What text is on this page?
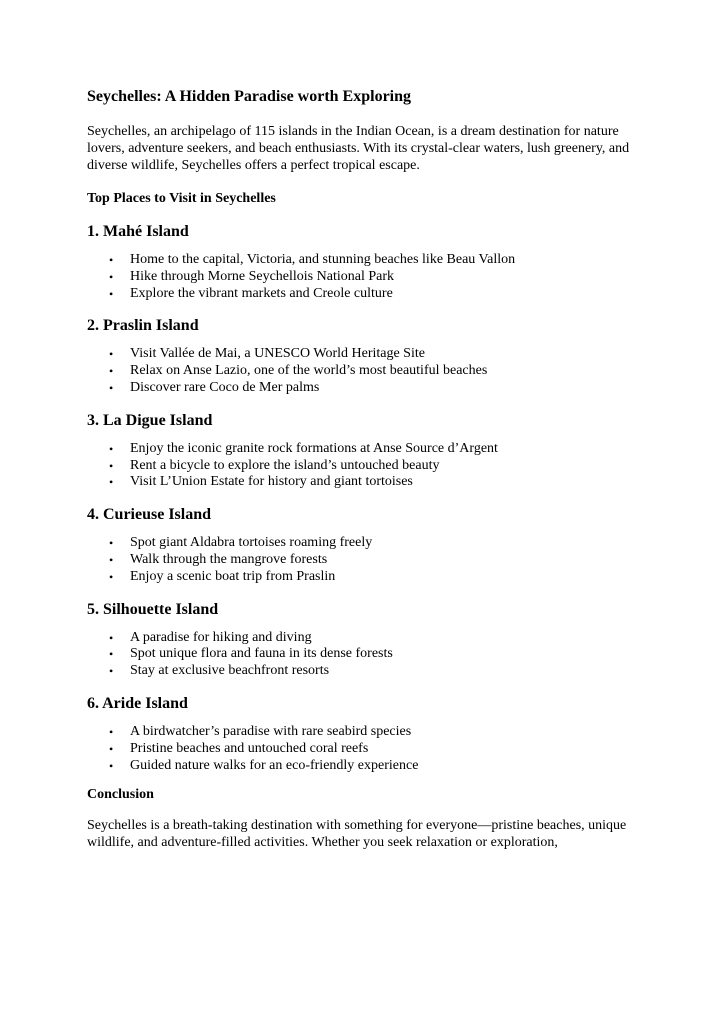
Seychelles: A Hidden Paradise worth Exploring

Seychelles, an archipelago of 115 islands in the Indian Ocean, is a dream destination for nature lovers, adventure seekers, and beach enthusiasts. With its crystal-clear waters, lush greenery, and diverse wildlife, Seychelles offers a perfect tropical escape.

Top Places to Visit in Seychelles
1. Mahé Island
• Home to the capital, Victoria, and stunning beaches like Beau Vallon
• Hike through Morne Seychellois National Park
• Explore the vibrant markets and Creole culture
2. Praslin Island
• Visit Vallée de Mai, a UNESCO World Heritage Site
• Relax on Anse Lazio, one of the world’s most beautiful beaches
• Discover rare Coco de Mer palms
3. La Digue Island
• Enjoy the iconic granite rock formations at Anse Source d’Argent
• Rent a bicycle to explore the island’s untouched beauty
• Visit L’Union Estate for history and giant tortoises
4. Curieuse Island
• Spot giant Aldabra tortoises roaming freely
• Walk through the mangrove forests
• Enjoy a scenic boat trip from Praslin
5. Silhouette Island
• A paradise for hiking and diving
• Spot unique flora and fauna in its dense forests
• Stay at exclusive beachfront resorts
6. Aride Island
• A birdwatcher’s paradise with rare seabird species
• Pristine beaches and untouched coral reefs
• Guided nature walks for an eco-friendly experience
Conclusion

Seychelles is a breath-taking destination with something for everyone—pristine beaches, unique wildlife, and adventure-filled activities. Whether you seek relaxation or exploration,
